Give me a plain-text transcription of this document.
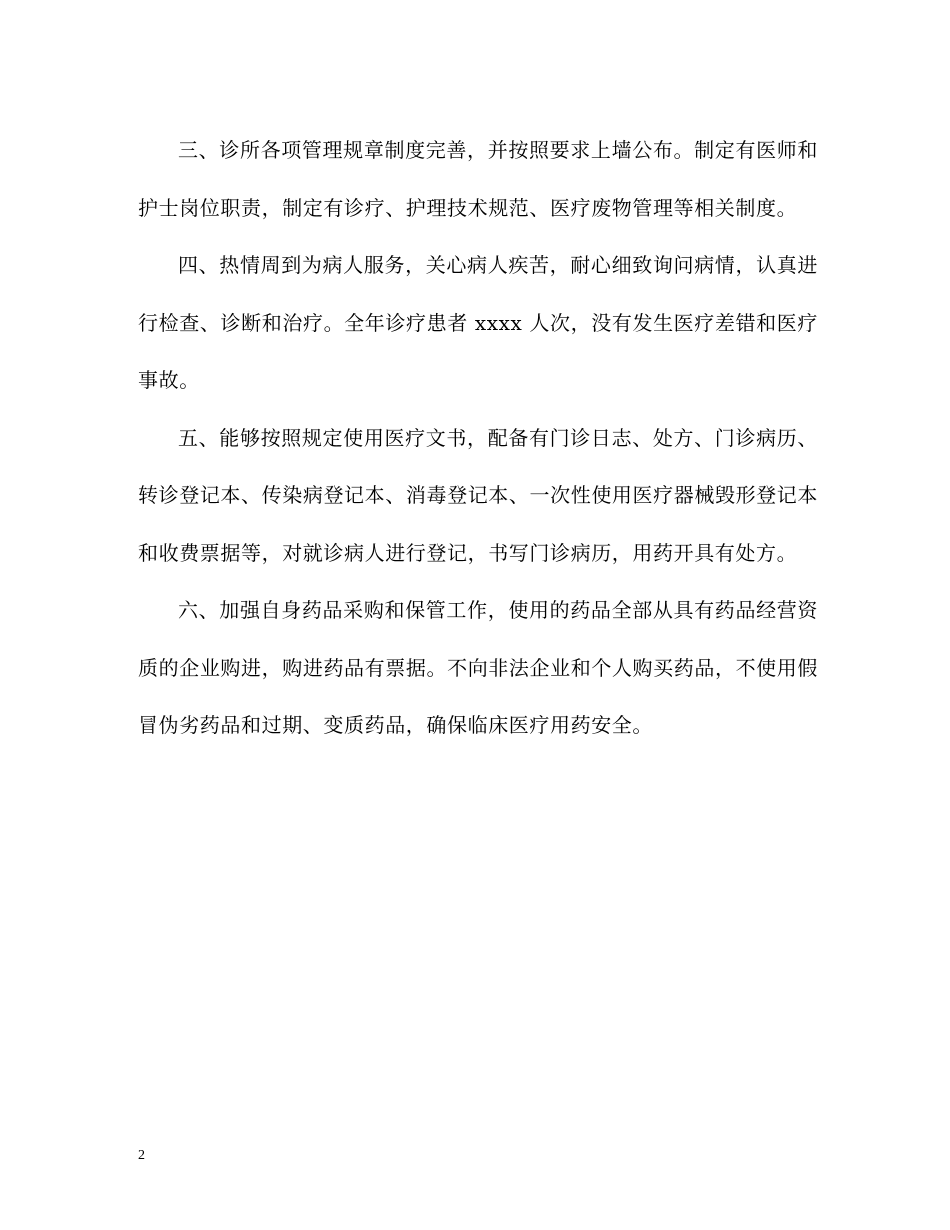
三、诊所各项管理规章制度完善，并按照要求上墙公布。制定有医师和护士岗位职责，制定有诊疗、护理技术规范、医疗废物管理等相关制度。

四、热情周到为病人服务，关心病人疾苦，耐心细致询问病情，认真进行检查、诊断和治疗。全年诊疗患者 xxxx 人次，没有发生医疗差错和医疗事故。

五、能够按照规定使用医疗文书，配备有门诊日志、处方、门诊病历、转诊登记本、传染病登记本、消毒登记本、一次性使用医疗器械毁形登记本和收费票据等，对就诊病人进行登记，书写门诊病历，用药开具有处方。

六、加强自身药品采购和保管工作，使用的药品全部从具有药品经营资质的企业购进，购进药品有票据。不向非法企业和个人购买药品，不使用假冒伪劣药品和过期、变质药品，确保临床医疗用药安全。

2
